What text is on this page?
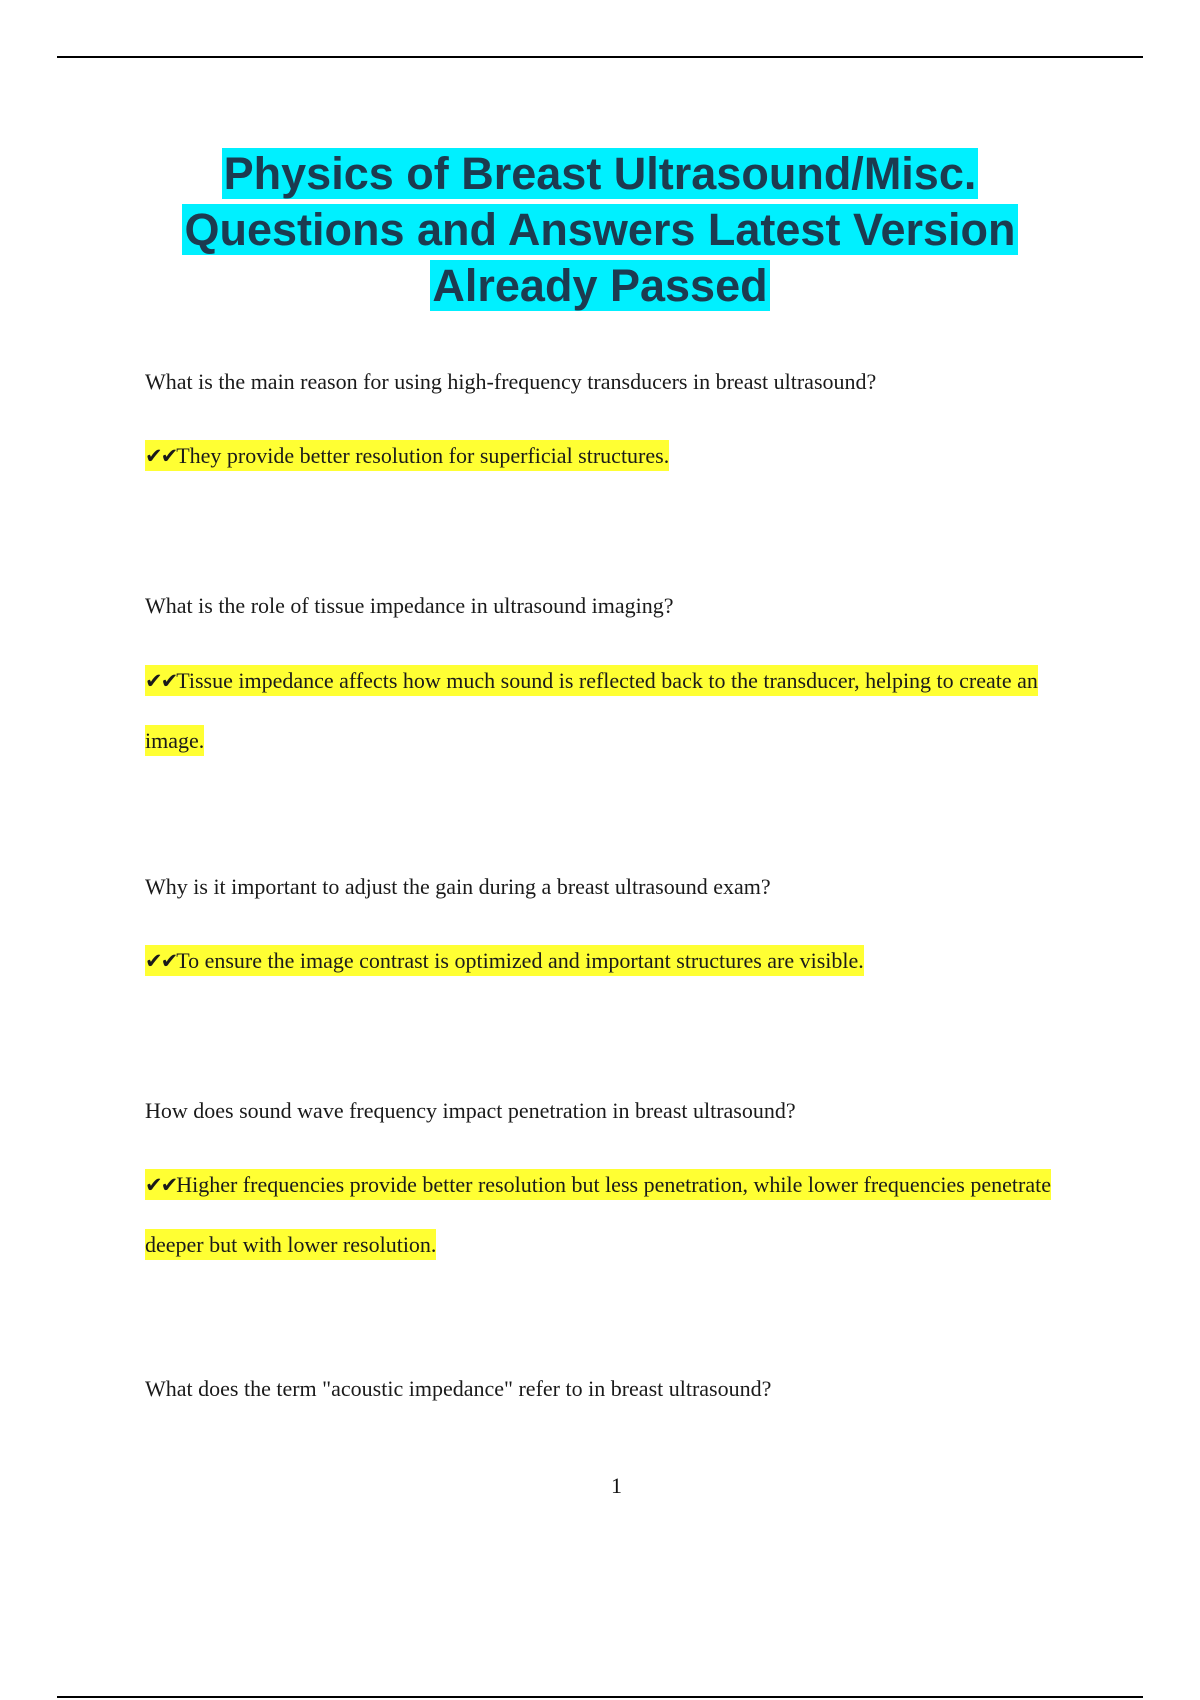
Physics of Breast Ultrasound/Misc.
Questions and Answers Latest Version
Already Passed

What is the main reason for using high-frequency transducers in breast ultrasound?

✔✔They provide better resolution for superficial structures.

What is the role of tissue impedance in ultrasound imaging?

✔✔Tissue impedance affects how much sound is reflected back to the transducer, helping to create an image.

Why is it important to adjust the gain during a breast ultrasound exam?

✔✔To ensure the image contrast is optimized and important structures are visible.

How does sound wave frequency impact penetration in breast ultrasound?

✔✔Higher frequencies provide better resolution but less penetration, while lower frequencies penetrate deeper but with lower resolution.

What does the term "acoustic impedance" refer to in breast ultrasound?

1
